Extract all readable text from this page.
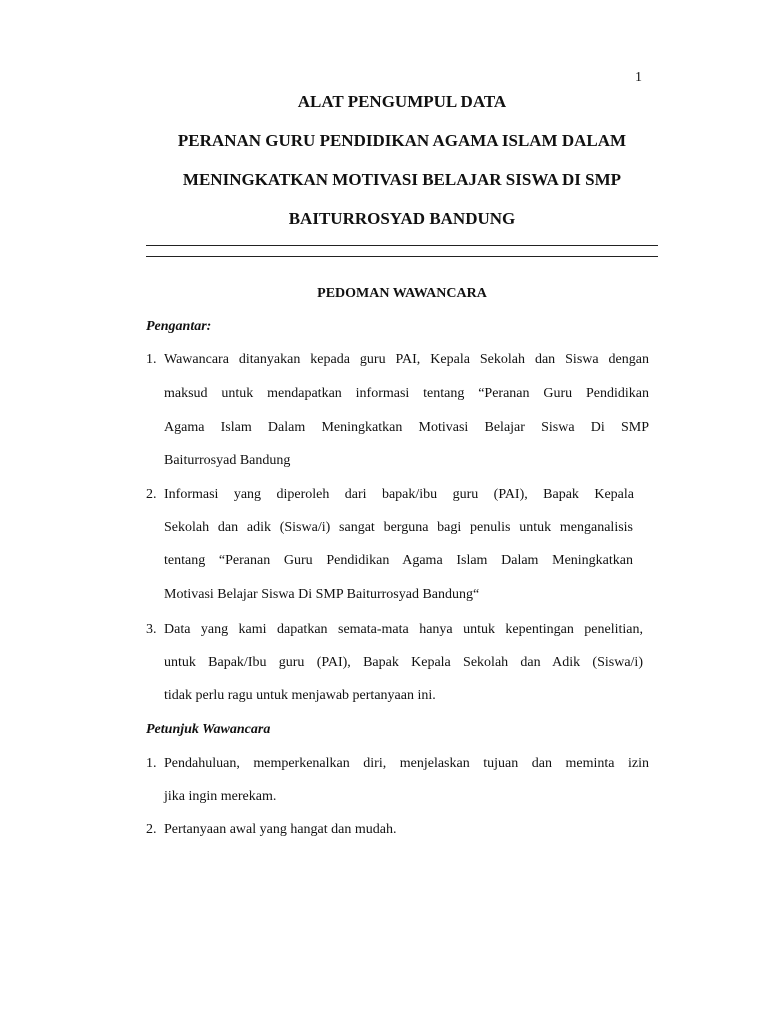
1
ALAT PENGUMPUL DATA
PERANAN GURU PENDIDIKAN AGAMA ISLAM DALAM
MENINGKATKAN MOTIVASI BELAJAR SISWA DI SMP
BAITURROSYAD BANDUNG
PEDOMAN WAWANCARA
Pengantar:
1. Wawancara ditanyakan kepada guru PAI, Kepala Sekolah dan Siswa dengan
maksud untuk mendapatkan informasi tentang “Peranan Guru Pendidikan
Agama Islam Dalam Meningkatkan Motivasi Belajar Siswa Di SMP
Baiturrosyad Bandung
2. Informasi yang diperoleh dari bapak/ibu guru (PAI), Bapak Kepala
Sekolah dan adik (Siswa/i) sangat berguna bagi penulis untuk menganalisis
tentang “Peranan Guru Pendidikan Agama Islam Dalam Meningkatkan
Motivasi Belajar Siswa Di SMP Baiturrosyad Bandung“
3. Data yang kami dapatkan semata-mata hanya untuk kepentingan penelitian,
untuk Bapak/Ibu guru (PAI), Bapak Kepala Sekolah dan Adik (Siswa/i)
tidak perlu ragu untuk menjawab pertanyaan ini.
Petunjuk Wawancara
1. Pendahuluan, memperkenalkan diri, menjelaskan tujuan dan meminta izin
jika ingin merekam.
2. Pertanyaan awal yang hangat dan mudah.
